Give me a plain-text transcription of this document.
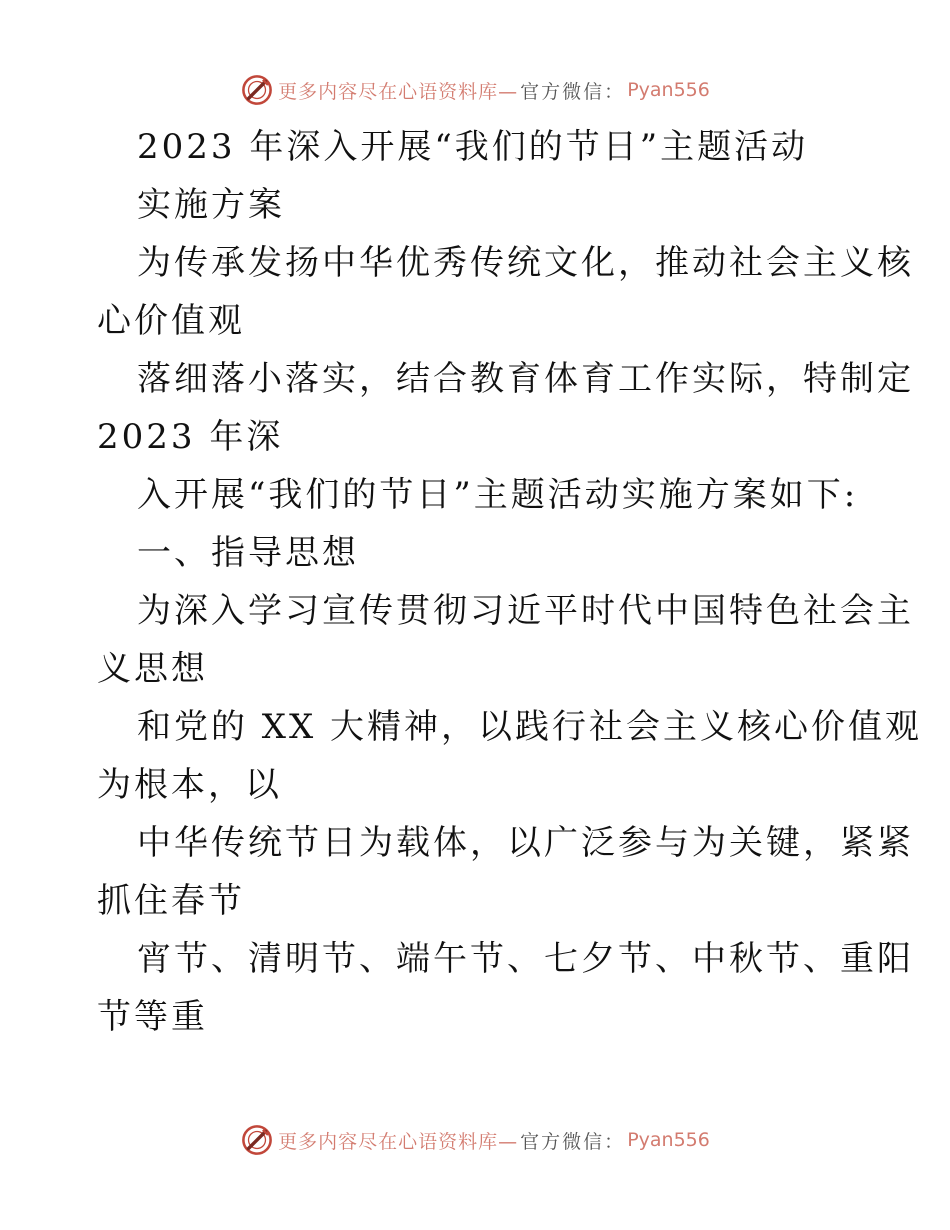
更多内容尽在心语资料库— 官方微信： Pyan556
2023 年深入开展“我们的节日”主题活动
实施方案
为传承发扬中华优秀传统文化，推动社会主义核
心价值观
落细落小落实，结合教育体育工作实际，特制定
2023 年深
入开展“我们的节日”主题活动实施方案如下:
一、指导思想
为深入学习宣传贯彻习近平时代中国特色社会主
义思想
和党的 XX 大精神，以践行社会主义核心价值观
为根本，以
中华传统节日为载体，以广泛参与为关键，紧紧
抓住春节
宵节、清明节、端午节、七夕节、中秋节、重阳
节等重
更多内容尽在心语资料库— 官方微信： Pyan556
